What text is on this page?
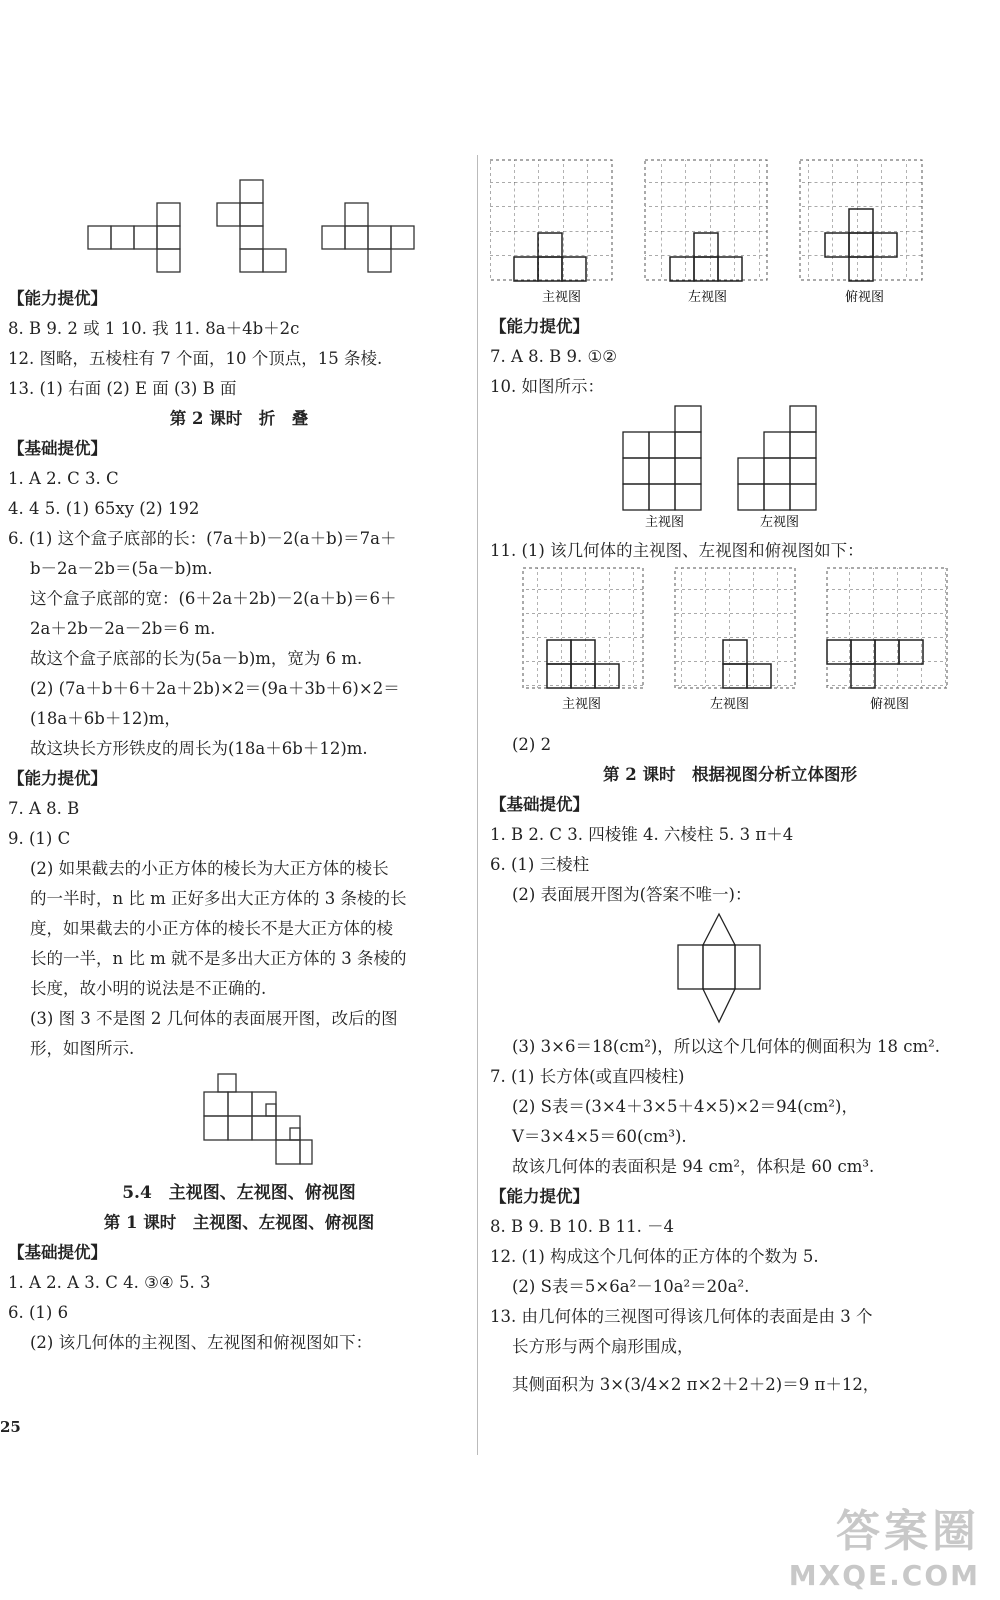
【能力提优】
8. B 9. 2 或 1 10. 我 11. 8a＋4b＋2c
12. 图略，五棱柱有 7 个面，10 个顶点，15 条棱.
13. (1) 右面 (2) E 面 (3) B 面
第 2 课时　折　叠
【基础提优】
1. A 2. C 3. C
4. 4 5. (1) 65xy (2) 192
6. (1) 这个盒子底部的长：(7a＋b)－2(a＋b)＝7a＋
b－2a－2b＝(5a－b)m.
这个盒子底部的宽：(6＋2a＋2b)－2(a＋b)＝6＋
2a＋2b－2a－2b＝6 m.
故这个盒子底部的长为(5a－b)m，宽为 6 m.
(2) (7a＋b＋6＋2a＋2b)×2＝(9a＋3b＋6)×2＝
(18a＋6b＋12)m，
故这块长方形铁皮的周长为(18a＋6b＋12)m.
【能力提优】
7. A 8. B
9. (1) C
(2) 如果截去的小正方体的棱长为大正方体的棱长
的一半时，n 比 m 正好多出大正方体的 3 条棱的长
度，如果截去的小正方体的棱长不是大正方体的棱
长的一半，n 比 m 就不是多出大正方体的 3 条棱的
长度，故小明的说法是不正确的.
(3) 图 3 不是图 2 几何体的表面展开图，改后的图
形，如图所示.
5.4　主视图、左视图、俯视图
第 1 课时　主视图、左视图、俯视图
【基础提优】
1. A 2. A 3. C 4. ③④ 5. 3
6. (1) 6
(2) 该几何体的主视图、左视图和俯视图如下：
主视图	左视图	俯视图
【能力提优】
7. A 8. B 9. ①②
10. 如图所示：
主视图	左视图
11. (1) 该几何体的主视图、左视图和俯视图如下：
主视图	左视图	俯视图
(2) 2
第 2 课时　根据视图分析立体图形
【基础提优】
1. B 2. C 3. 四棱锥 4. 六棱柱 5. 3 π＋4
6. (1) 三棱柱
(2) 表面展开图为(答案不唯一)：
(3) 3×6＝18(cm²)，所以这个几何体的侧面积为 18 cm².
7. (1) 长方体(或直四棱柱)
(2) S表＝(3×4＋3×5＋4×5)×2＝94(cm²)，
V＝3×4×5＝60(cm³).
故该几何体的表面积是 94 cm²，体积是 60 cm³.
【能力提优】
8. B 9. B 10. B 11. －4
12. (1) 构成这个几何体的正方体的个数为 5.
(2) S表＝5×6a²－10a²＝20a².
13. 由几何体的三视图可得该几何体的表面是由 3 个
长方形与两个扇形围成，
其侧面积为 3×(3/4×2 π×2＋2＋2)＝9 π＋12，
25
答案圈
MXQE.COM
